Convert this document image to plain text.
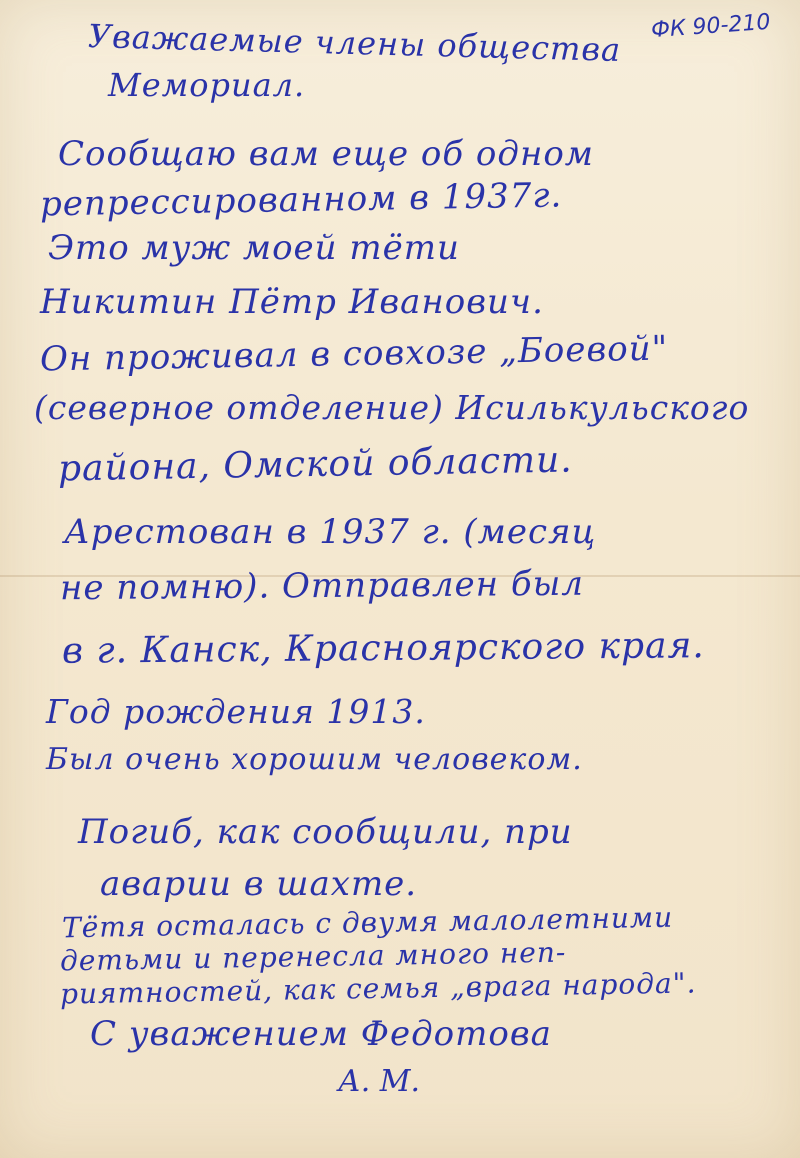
ФК 90-210
Уважаемые члены общества
Мемориал.
Сообщаю вам еще об одном
репрессированном в 1937г.
Это муж моей тёти
Никитин Пётр Иванович.
Он проживал в совхозе „Боевой"
(северное отделение) Исилькульского
района, Омской области.
Арестован в 1937 г. (месяц
не помню). Отправлен был
в г. Канск, Красноярского края.
Год рождения 1913.
Был очень хорошим человеком.
Погиб, как сообщили, при
аварии в шахте.
Тётя осталась с двумя малолетними
детьми и перенесла много неп-
риятностей, как семья „врага народа".
С уважением Федотова
А. М.
